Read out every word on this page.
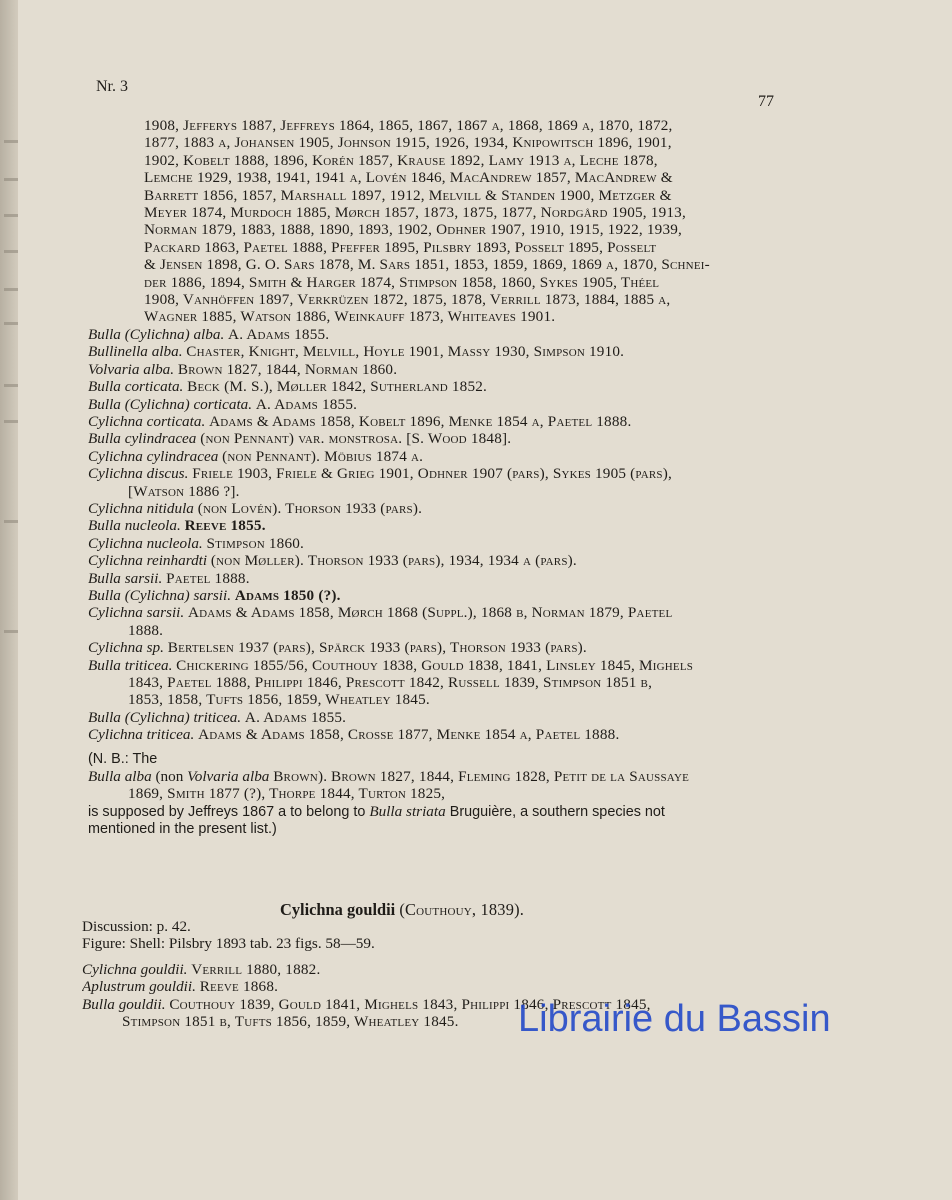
Nr. 3
77
1908, Jefferys 1887, Jeffreys 1864, 1865, 1867, 1867 a, 1868, 1869 a, 1870, 1872,
1877, 1883 a, Johansen 1905, Johnson 1915, 1926, 1934, Knipowitsch 1896, 1901,
1902, Kobelt 1888, 1896, Korén 1857, Krause 1892, Lamy 1913 a, Leche 1878,
Lemche 1929, 1938, 1941, 1941 a, Lovén 1846, MacAndrew 1857, MacAndrew &
Barrett 1856, 1857, Marshall 1897, 1912, Melvill & Standen 1900, Metzger &
Meyer 1874, Murdoch 1885, Mørch 1857, 1873, 1875, 1877, Nordgård 1905, 1913,
Norman 1879, 1883, 1888, 1890, 1893, 1902, Odhner 1907, 1910, 1915, 1922, 1939,
Packard 1863, Paetel 1888, Pfeffer 1895, Pilsbry 1893, Posselt 1895, Posselt
& Jensen 1898, G. O. Sars 1878, M. Sars 1851, 1853, 1859, 1869, 1869 a, 1870, Schnei-
der 1886, 1894, Smith & Harger 1874, Stimpson 1858, 1860, Sykes 1905, Théel
1908, Vanhöffen 1897, Verkrüzen 1872, 1875, 1878, Verrill 1873, 1884, 1885 a,
Wagner 1885, Watson 1886, Weinkauff 1873, Whiteaves 1901.
Bulla (Cylichna) alba. A. Adams 1855.
Bullinella alba. Chaster, Knight, Melvill, Hoyle 1901, Massy 1930, Simpson 1910.
Volvaria alba. Brown 1827, 1844, Norman 1860.
Bulla corticata. Beck (M. S.), Møller 1842, Sutherland 1852.
Bulla (Cylichna) corticata. A. Adams 1855.
Cylichna corticata. Adams & Adams 1858, Kobelt 1896, Menke 1854 a, Paetel 1888.
Bulla cylindracea (non Pennant) var. monstrosa. [S. Wood 1848].
Cylichna cylindracea (non Pennant). Möbius 1874 a.
Cylichna discus. Friele 1903, Friele & Grieg 1901, Odhner 1907 (pars), Sykes 1905 (pars),
[Watson 1886 ?].
Cylichna nitidula (non Lovén). Thorson 1933 (pars).
Bulla nucleola. Reeve 1855.
Cylichna nucleola. Stimpson 1860.
Cylichna reinhardti (non Møller). Thorson 1933 (pars), 1934, 1934 a (pars).
Bulla sarsii. Paetel 1888.
Bulla (Cylichna) sarsii. Adams 1850 (?).
Cylichna sarsii. Adams & Adams 1858, Mørch 1868 (Suppl.), 1868 b, Norman 1879, Paetel
1888.
Cylichna sp. Bertelsen 1937 (pars), Spärck 1933 (pars), Thorson 1933 (pars).
Bulla triticea. Chickering 1855/56, Couthouy 1838, Gould 1838, 1841, Linsley 1845, Mighels
1843, Paetel 1888, Philippi 1846, Prescott 1842, Russell 1839, Stimpson 1851 b,
1853, 1858, Tufts 1856, 1859, Wheatley 1845.
Bulla (Cylichna) triticea. A. Adams 1855.
Cylichna triticea. Adams & Adams 1858, Crosse 1877, Menke 1854 a, Paetel 1888.
(N. B.: The
Bulla alba (non Volvaria alba Brown). Brown 1827, 1844, Fleming 1828, Petit de la Saussaye
1869, Smith 1877 (?), Thorpe 1844, Turton 1825,
is supposed by Jeffreys 1867 a to belong to Bulla striata Bruguière, a southern species not
mentioned in the present list.)
Cylichna gouldii (Couthouy, 1839).
Discussion: p. 42.
Figure: Shell: Pilsbry 1893 tab. 23 figs. 58—59.
Cylichna gouldii. Verrill 1880, 1882.
Aplustrum gouldii. Reeve 1868.
Bulla gouldii. Couthouy 1839, Gould 1841, Mighels 1843, Philippi 1846, Prescott 1845,
Stimpson 1851 b, Tufts 1856, 1859, Wheatley 1845.	Librairie du Bassin
